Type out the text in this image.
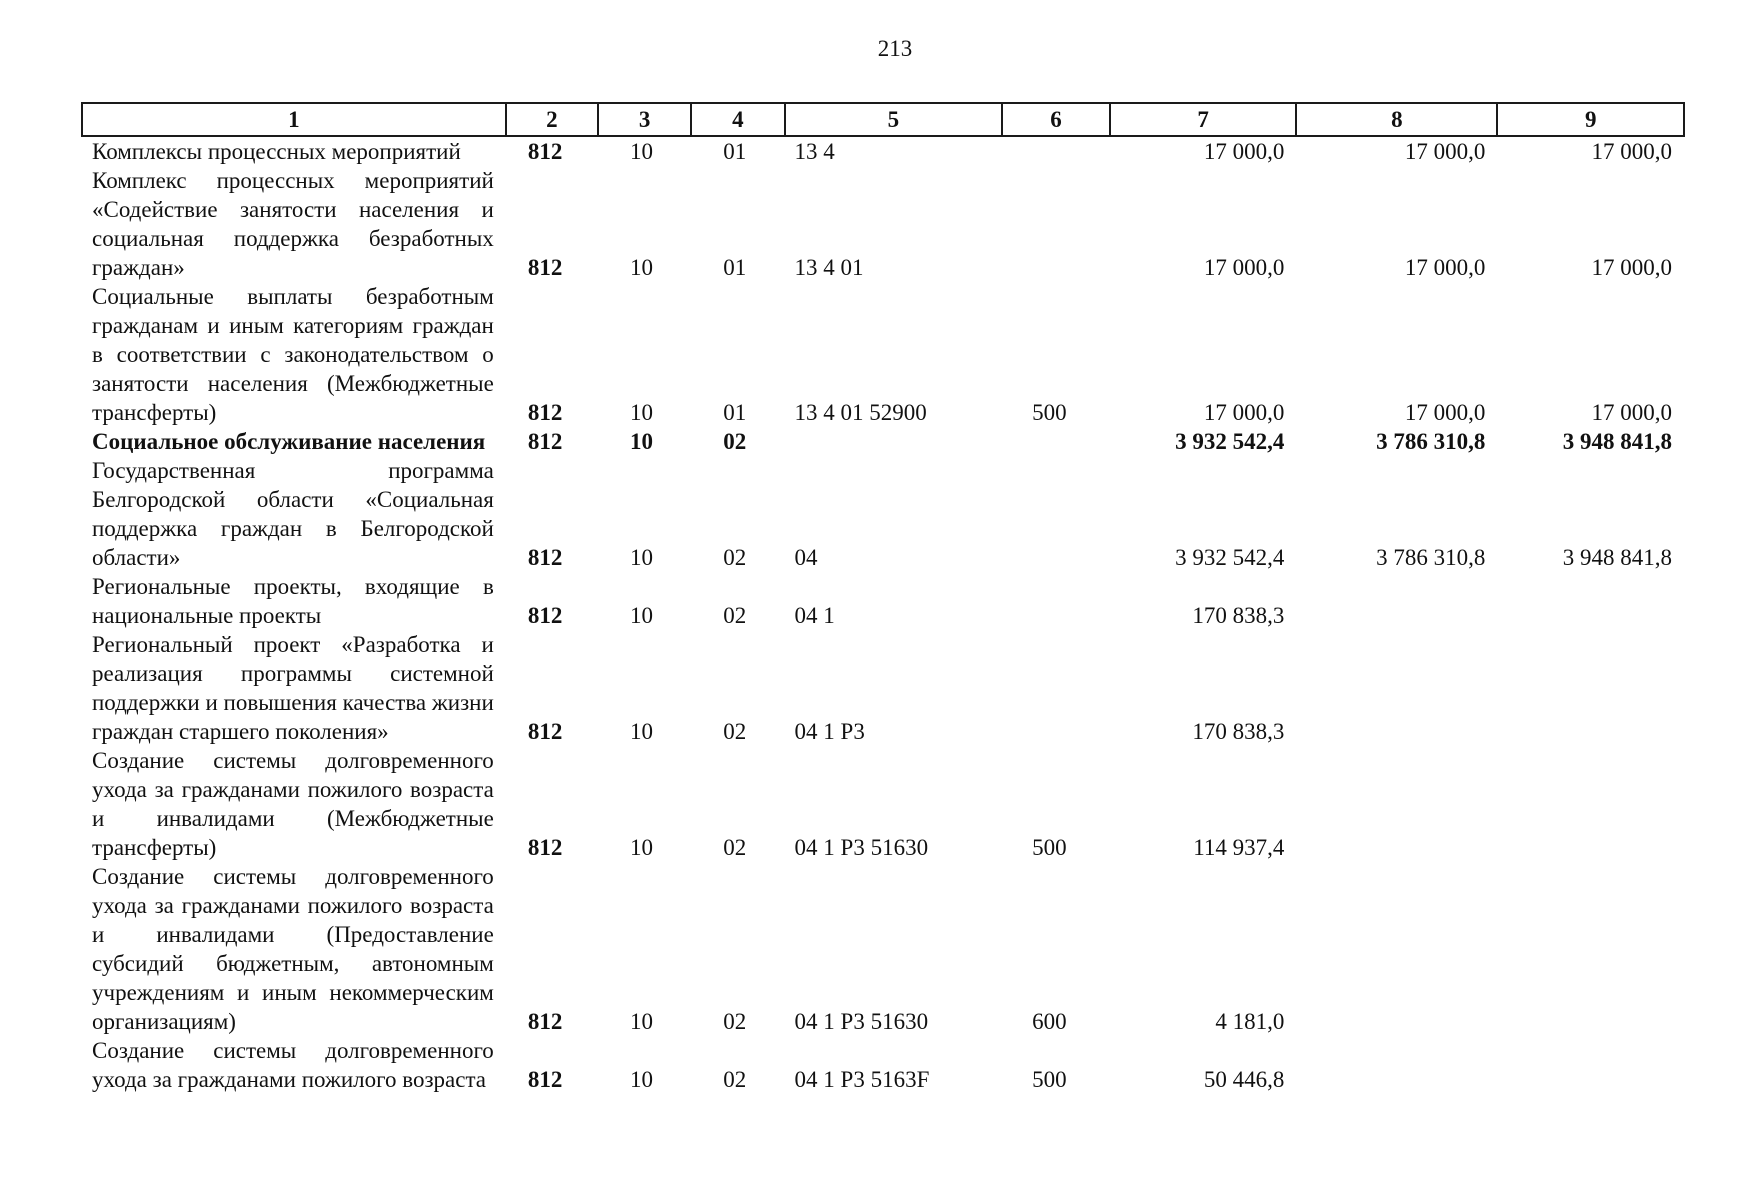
213
1	2	3	4	5	6	7	8	9
Комплексы процессных мероприятий	812	10	01	13 4		17 000,0	17 000,0	17 000,0
Комплекс процессных мероприятий «Содействие занятости населения и социальная поддержка безработных граждан»	812	10	01	13 4 01		17 000,0	17 000,0	17 000,0
Социальные выплаты безработным гражданам и иным категориям граждан в соответствии с законодательством о занятости населения (Межбюджетные трансферты)	812	10	01	13 4 01 52900	500	17 000,0	17 000,0	17 000,0
Социальное обслуживание населения	812	10	02			3 932 542,4	3 786 310,8	3 948 841,8
Государственная программа Белгородской области «Социальная поддержка граждан в Белгородской области»	812	10	02	04		3 932 542,4	3 786 310,8	3 948 841,8
Региональные проекты, входящие в национальные проекты	812	10	02	04 1		170 838,3		
Региональный проект «Разработка и реализация программы системной поддержки и повышения качества жизни граждан старшего поколения»	812	10	02	04 1 Р3		170 838,3		
Создание системы долговременного ухода за гражданами пожилого возраста и инвалидами (Межбюджетные трансферты)	812	10	02	04 1 Р3 51630	500	114 937,4		
Создание системы долговременного ухода за гражданами пожилого возраста и инвалидами (Предоставление субсидий бюджетным, автономным учреждениям и иным некоммерческим организациям)	812	10	02	04 1 Р3 51630	600	4 181,0		
Создание системы долговременного ухода за гражданами пожилого возраста	812	10	02	04 1 Р3 5163F	500	50 446,8		
